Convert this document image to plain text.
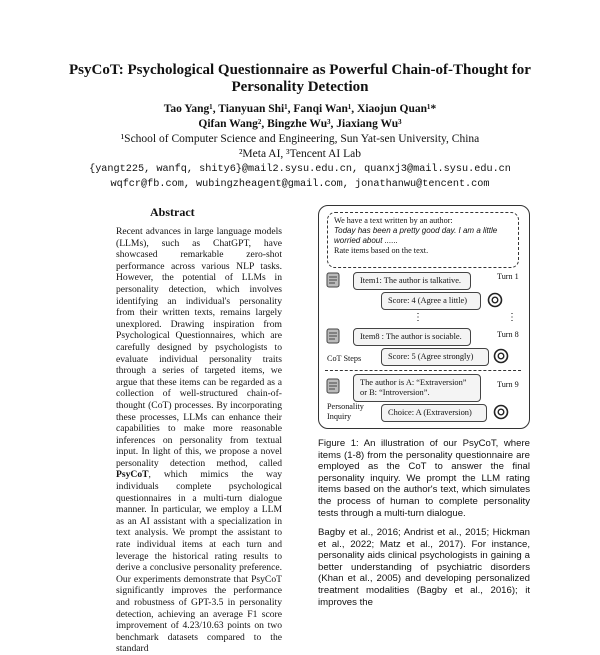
PsyCoT: Psychological Questionnaire as Powerful Chain-of-Thought for
Personality Detection
Tao Yang¹, Tianyuan Shi¹, Fanqi Wan¹, Xiaojun Quan¹*
Qifan Wang², Bingzhe Wu³, Jiaxiang Wu³
¹School of Computer Science and Engineering, Sun Yat-sen University, China
²Meta AI, ³Tencent AI Lab
{yangt225, wanfq, shity6}@mail2.sysu.edu.cn, quanxj3@mail.sysu.edu.cn
wqfcr@fb.com, wubingzheagent@gmail.com, jonathanwu@tencent.com
Abstract
Recent advances in large language models (LLMs), such as ChatGPT, have showcased remarkable zero-shot performance across various NLP tasks. However, the potential of LLMs in personality detection, which involves identifying an individual's personality from their written texts, remains largely unexplored. Drawing inspiration from Psychological Questionnaires, which are carefully designed by psychologists to evaluate individual personality traits through a series of targeted items, we argue that these items can be regarded as a collection of well-structured chain-of-thought (CoT) processes. By incorporating these processes, LLMs can enhance their capabilities to make more reasonable inferences on personality from textual input. In light of this, we propose a novel personality detection method, called PsyCoT, which mimics the way individuals complete psychological questionnaires in a multi-turn dialogue manner. In particular, we employ a LLM as an AI assistant with a specialization in text analysis. We prompt the assistant to rate individual items at each turn and leverage the historical rating results to derive a conclusive personality preference. Our experiments demonstrate that PsyCoT significantly improves the performance and robustness of GPT-3.5 in personality detection, achieving an average F1 score improvement of 4.23/10.63 points on two benchmark datasets compared to the standard
We have a text written by an author:
Today has been a pretty good day. I am a little worried about ......
Rate items based on the text.
Item1: The author is talkative.	Turn 1
Score: 4 (Agree a little)
⋮	⋮
Item8 : The author is sociable.	Turn 8
CoT Steps	Score: 5 (Agree strongly)
The author is A: “Extraversion” or B: “Introversion”.
Turn 9
Personality Inquiry	Choice: A (Extraversion)
Figure 1: An illustration of our PsyCoT, where items (1-8) from the personality questionnaire are employed as the CoT to answer the final personality inquiry. We prompt the LLM rating items based on the author's text, which simulates the process of human to complete personality tests through a multi-turn dialogue.
Bagby et al., 2016; Andrist et al., 2015; Hickman et al., 2022; Matz et al., 2017). For instance, personality aids clinical psychologists in gaining a better understanding of psychiatric disorders (Khan et al., 2005) and developing personalized treatment modalities (Bagby et al., 2016); it improves the
